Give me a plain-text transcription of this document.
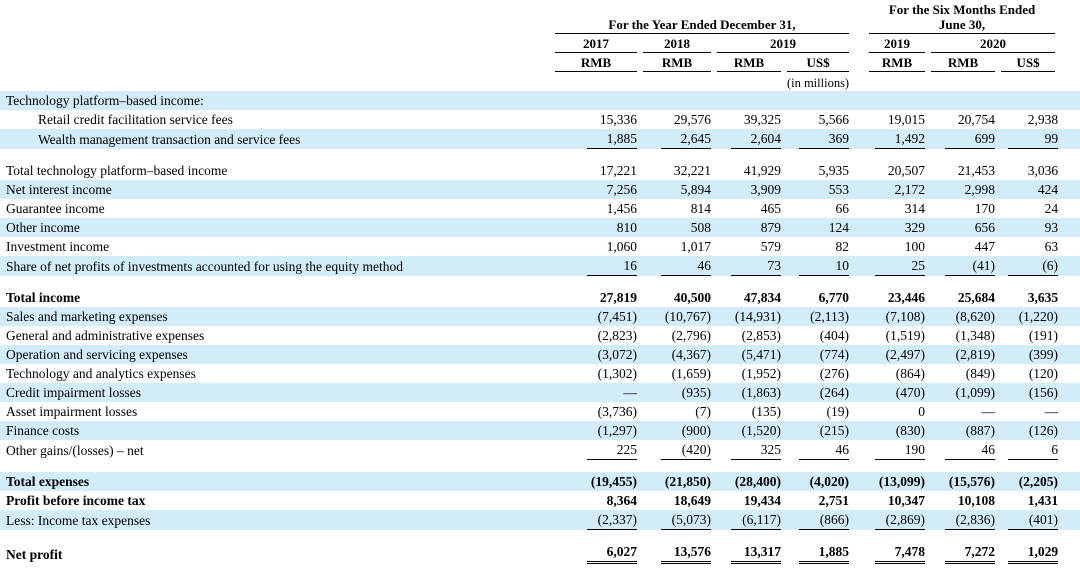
	For the Year Ended December 31,					For the Six Months Ended
June 30,		

	2017	2018	2019			2019	2020	

	RMB	RMB	RMB	US$		RMB	RMB	US$

				(in millions)				
Technology platform–based income:								
Retail credit facilitation service fees	15,336	29,576	39,325	5,566		19,015	20,754	2,938
Wealth management transaction and service fees	1,885	2,645	2,604	369		1,492	699	99

Total technology platform–based income	17,221	32,221	41,929	5,935		20,507	21,453	3,036
Net interest income	7,256	5,894	3,909	553		2,172	2,998	424
Guarantee income	1,456	814	465	66		314	170	24
Other income	810	508	879	124		329	656	93
Investment income	1,060	1,017	579	82		100	447	63
Share of net profits of investments accounted for using the equity method	16	46	73	10		25	(41)	(6)

Total income	27,819	40,500	47,834	6,770		23,446	25,684	3,635
Sales and marketing expenses	(7,451)	(10,767)	(14,931)	(2,113)		(7,108)	(8,620)	(1,220)
General and administrative expenses	(2,823)	(2,796)	(2,853)	(404)		(1,519)	(1,348)	(191)
Operation and servicing expenses	(3,072)	(4,367)	(5,471)	(774)		(2,497)	(2,819)	(399)
Technology and analytics expenses	(1,302)	(1,659)	(1,952)	(276)		(864)	(849)	(120)
Credit impairment losses	—	(935)	(1,863)	(264)		(470)	(1,099)	(156)
Asset impairment losses	(3,736)	(7)	(135)	(19)		0	—	—
Finance costs	(1,297)	(900)	(1,520)	(215)		(830)	(887)	(126)
Other gains/(losses) – net	225	(420)	325	46		190	46	6

Total expenses	(19,455)	(21,850)	(28,400)	(4,020)		(13,099)	(15,576)	(2,205)
Profit before income tax	8,364	18,649	19,434	2,751		10,347	10,108	1,431
Less: Income tax expenses	(2,337)	(5,073)	(6,117)	(866)		(2,869)	(2,836)	(401)

Net profit	6,027	13,576	13,317	1,885		7,478	7,272	1,029
